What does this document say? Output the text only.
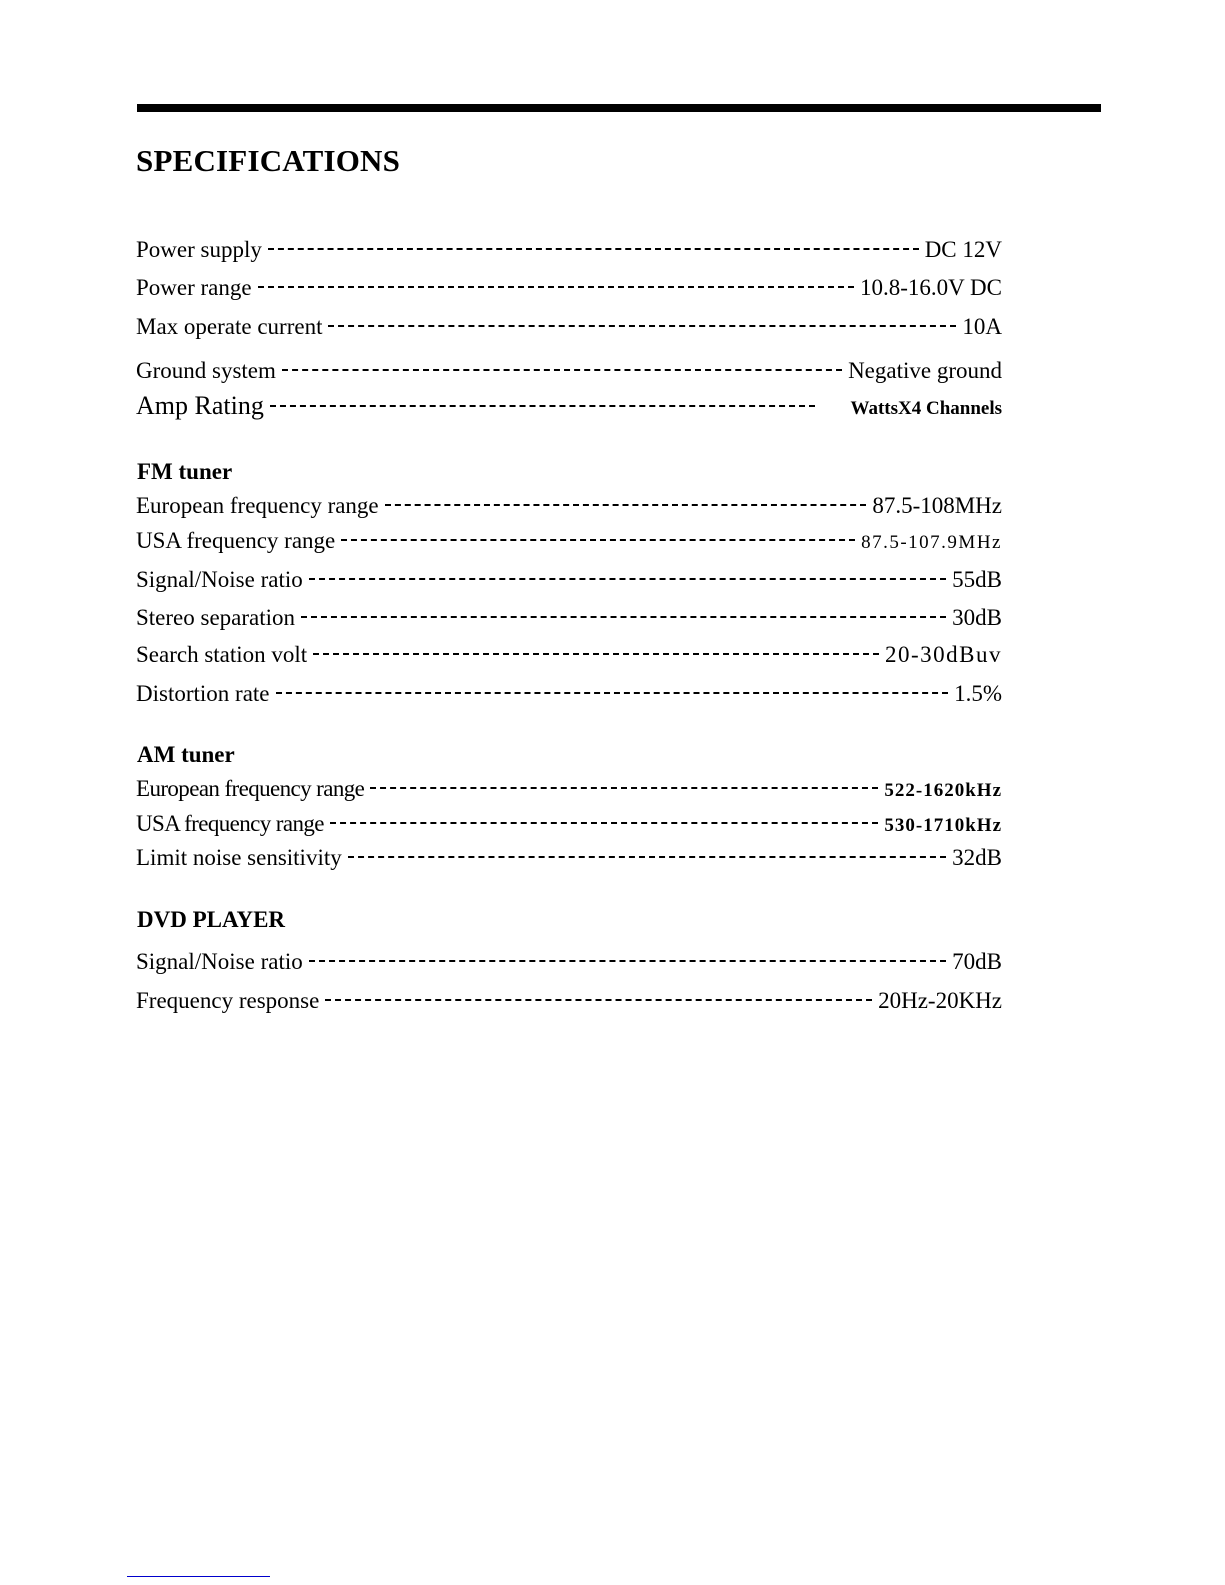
SPECIFICATIONS
Power supply	DC 12V
Power range	10.8-16.0V DC
Max operate current	10A
Ground system	Negative ground
Amp Rating	WattsX4 Channels
FM tuner
European frequency range	87.5-108MHz
USA frequency range	87.5-107.9MHz
Signal/Noise ratio	55dB
Stereo separation	30dB
Search station volt	20-30dBuv
Distortion rate	1.5%
AM tuner
European frequency range	522-1620kHz
USA frequency range	530-1710kHz
Limit noise sensitivity	32dB
DVD PLAYER
Signal/Noise ratio	70dB
Frequency response	20Hz-20KHz
